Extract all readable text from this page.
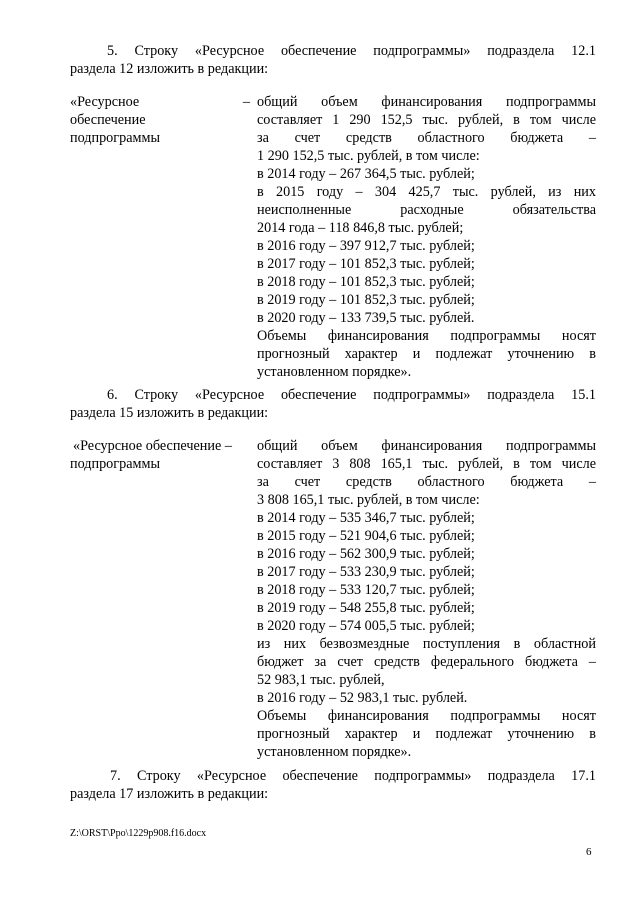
5. Строку «Ресурсное обеспечение подпрограммы» подраздела 12.1
раздела 12 изложить в редакции:
«Ресурсное	–
обеспечение
подпрограммы
общий объем финансирования подпрограммы
составляет 1 290 152,5 тыс. рублей, в том числе
за счет средств областного бюджета –
1 290 152,5 тыс. рублей, в том числе:
в 2014 году – 267 364,5 тыс. рублей;
в 2015 году – 304 425,7 тыс. рублей, из них
неисполненные расходные обязательства
2014 года – 118 846,8 тыс. рублей;
в 2016 году – 397 912,7 тыс. рублей;
в 2017 году – 101 852,3 тыс. рублей;
в 2018 году – 101 852,3 тыс. рублей;
в 2019 году – 101 852,3 тыс. рублей;
в 2020 году – 133 739,5 тыс. рублей.
Объемы финансирования подпрограммы носят
прогнозный характер и подлежат уточнению в
установленном порядке».
6. Строку «Ресурсное обеспечение подпрограммы» подраздела 15.1
раздела 15 изложить в редакции:
«Ресурсное обеспечение –
подпрограммы
общий объем финансирования подпрограммы
составляет 3 808 165,1 тыс. рублей, в том числе
за счет средств областного бюджета –
3 808 165,1 тыс. рублей, в том числе:
в 2014 году – 535 346,7 тыс. рублей;
в 2015 году – 521 904,6 тыс. рублей;
в 2016 году – 562 300,9 тыс. рублей;
в 2017 году – 533 230,9 тыс. рублей;
в 2018 году – 533 120,7 тыс. рублей;
в 2019 году – 548 255,8 тыс. рублей;
в 2020 году – 574 005,5 тыс. рублей;
из них безвозмездные поступления в областной
бюджет за счет средств федерального бюджета –
52 983,1 тыс. рублей,
в 2016 году – 52 983,1 тыс. рублей.
Объемы финансирования подпрограммы носят
прогнозный характер и подлежат уточнению в
установленном порядке».
7. Строку «Ресурсное обеспечение подпрограммы» подраздела 17.1
раздела 17 изложить в редакции:
Z:\ORST\Ppo\1229p908.f16.docx
6
